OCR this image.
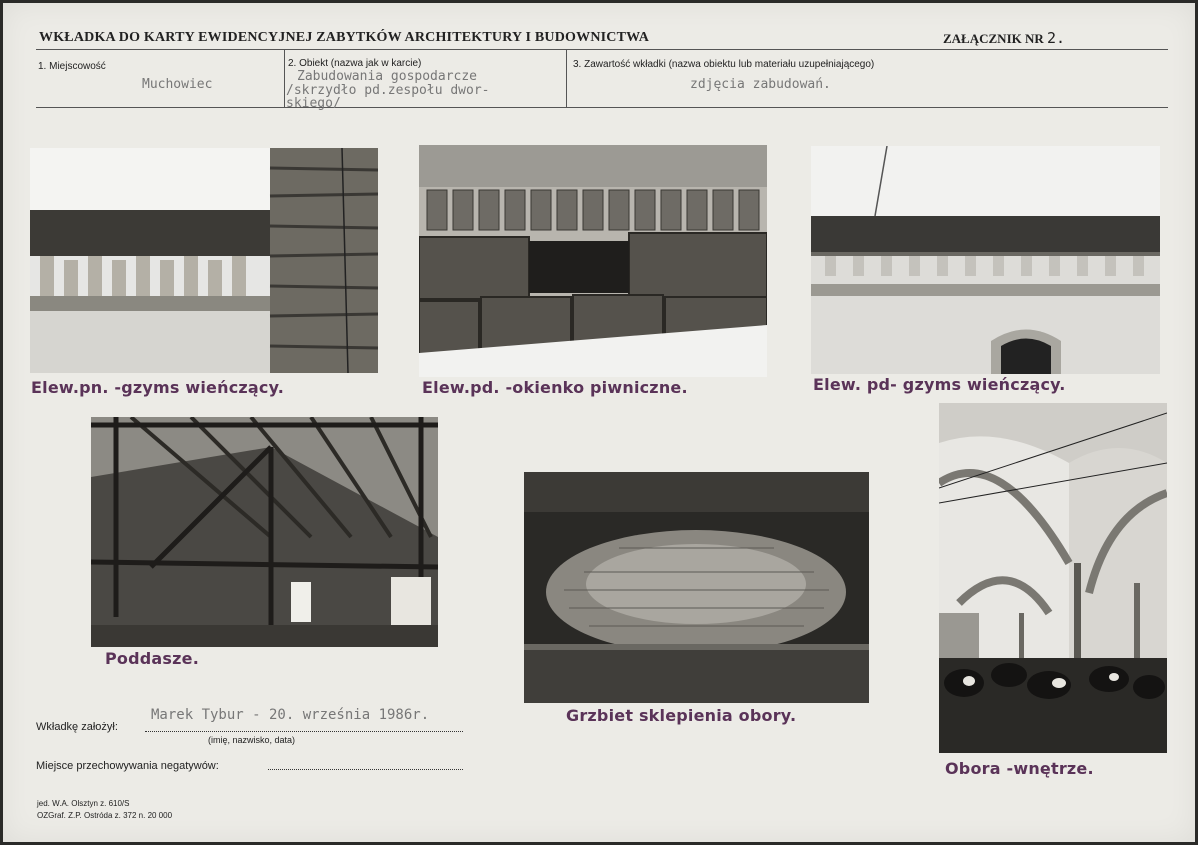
WKŁADKA DO KARTY EWIDENCYJNEJ ZABYTKÓW ARCHITEKTURY I BUDOWNICTWA	ZAŁĄCZNIK NR 2.
1. Miejscowość
Muchowiec
2. Obiekt (nazwa jak w karcie)
Zabudowania gospodarcze
/skrzydło pd.zespołu dwor-
skiego/
3. Zawartość wkładki (nazwa obiektu lub materiału uzupełniającego)
zdjęcia zabudowań.
Elew.pn. -gzyms wieńczący.	Elew.pd. -okienko piwniczne.	Elew. pd- gzyms wieńczący.
Poddasze.
Grzbiet sklepienia obory.
Obora -wnętrze.
Wkładkę założył:
Marek Tybur - 20. września 1986r.
(imię, nazwisko, data)
Miejsce przechowywania negatywów:
jed. W.A. Olsztyn z. 610/S
OZGraf. Z.P. Ostróda z. 372 n. 20 000
